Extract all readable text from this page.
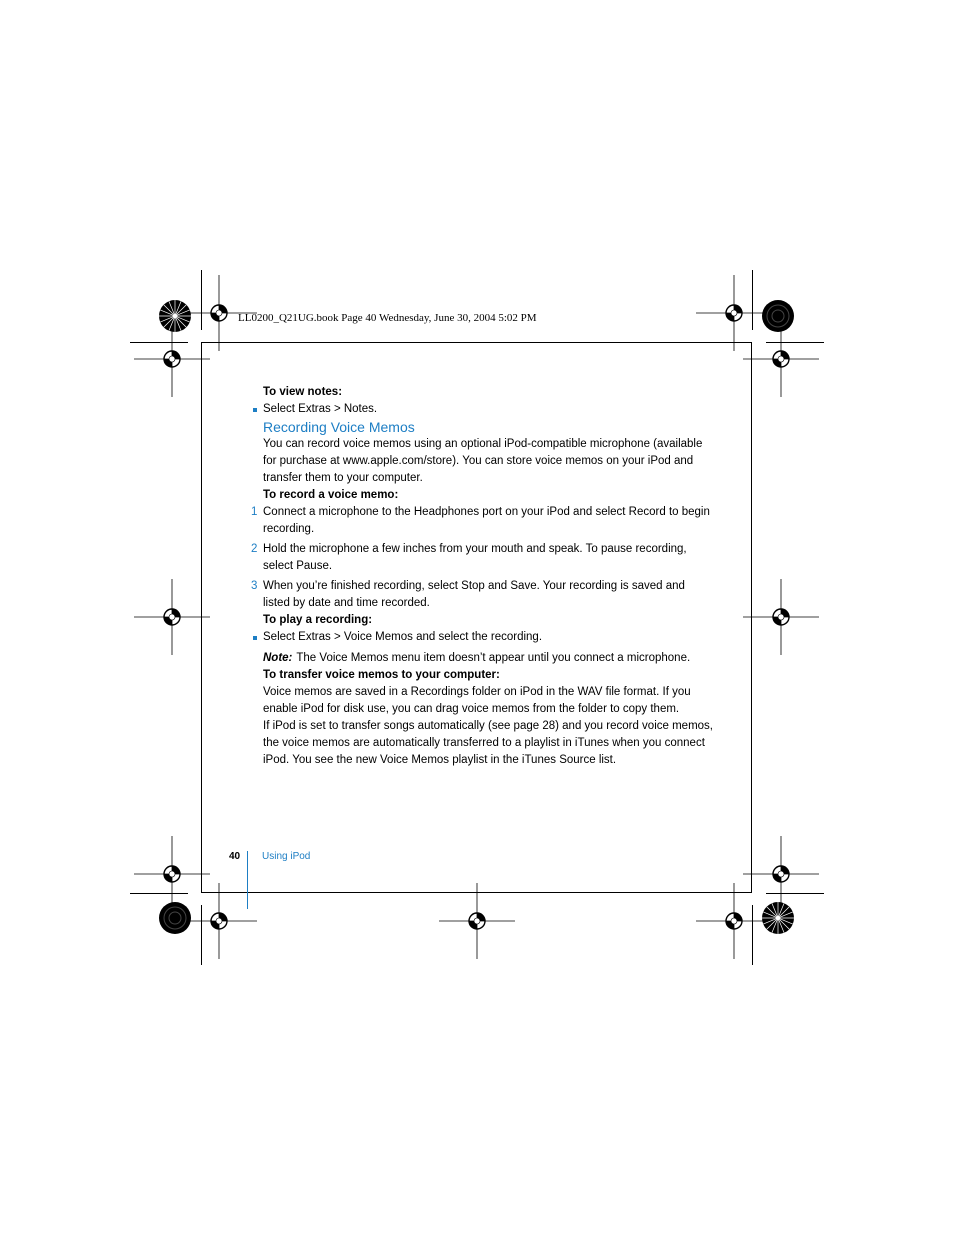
LL0200_Q21UG.book Page 40 Wednesday, June 30, 2004 5:02 PM

To view notes:

Select Extras > Notes.

Recording Voice Memos

You can record voice memos using an optional iPod-compatible microphone (available for purchase at www.apple.com/store). You can store voice memos on your iPod and transfer them to your computer.

To record a voice memo:

1 Connect a microphone to the Headphones port on your iPod and select Record to begin recording.

2 Hold the microphone a few inches from your mouth and speak. To pause recording, select Pause.

3 When you’re finished recording, select Stop and Save. Your recording is saved and listed by date and time recorded.

To play a recording:

Select Extras > Voice Memos and select the recording.

Note: The Voice Memos menu item doesn’t appear until you connect a microphone.

To transfer voice memos to your computer:

Voice memos are saved in a Recordings folder on iPod in the WAV file format. If you enable iPod for disk use, you can drag voice memos from the folder to copy them.

If iPod is set to transfer songs automatically (see page 28) and you record voice memos, the voice memos are automatically transferred to a playlist in iTunes when you connect iPod. You see the new Voice Memos playlist in the iTunes Source list.

40 Using iPod
